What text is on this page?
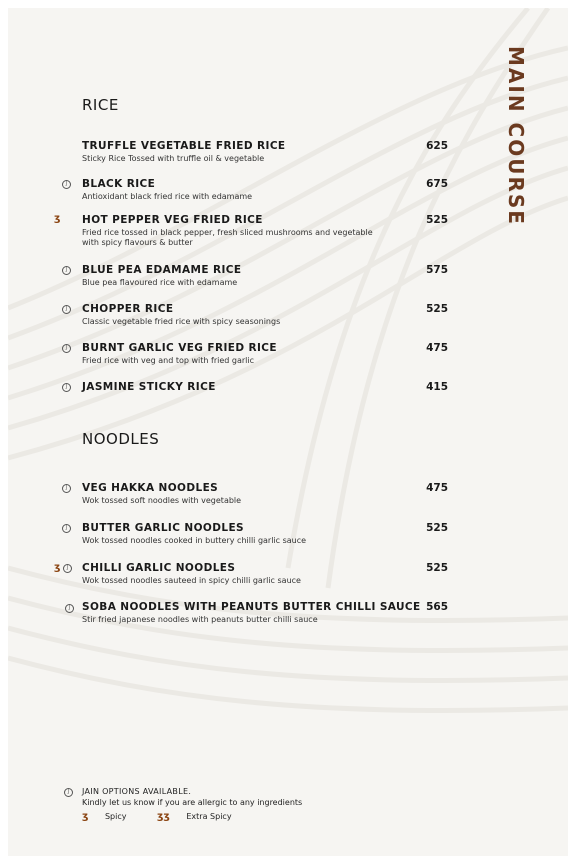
MAIN COURSE
RICE
TRUFFLE VEGETABLE FRIED RICE
Sticky Rice Tossed with truffle oil & vegetable
625
J	BLACK RICE
Antioxidant black fried rice with edamame
675
ʒ HOT PEPPER VEG FRIED RICE
Fried rice tossed in black pepper, fresh sliced mushrooms and vegetable with spicy flavours & butter
525
J	BLUE PEA EDAMAME RICE
Blue pea flavoured rice with edamame
575
J	CHOPPER RICE
Classic vegetable fried rice with spicy seasonings
525
J	BURNT GARLIC VEG FRIED RICE
Fried rice with veg and top with fried garlic
475
J	JASMINE STICKY RICE	415
NOODLES
J	VEG HAKKA NOODLES
Wok tossed soft noodles with vegetable
475
J	BUTTER GARLIC NOODLES
Wok tossed noodles cooked in buttery chilli garlic sauce
525
ʒ	J	CHILLI GARLIC NOODLES
Wok tossed noodles sauteed in spicy chilli garlic sauce
525
J	SOBA NOODLES WITH PEANUTS BUTTER CHILLI SAUCE
Stir fried japanese noodles with peanuts butter chilli sauce
565
J	JAIN OPTIONS AVAILABLE.
Kindly let us know if you are allergic to any ingredients
ʒ Spicy	ʒʒ Extra Spicy
